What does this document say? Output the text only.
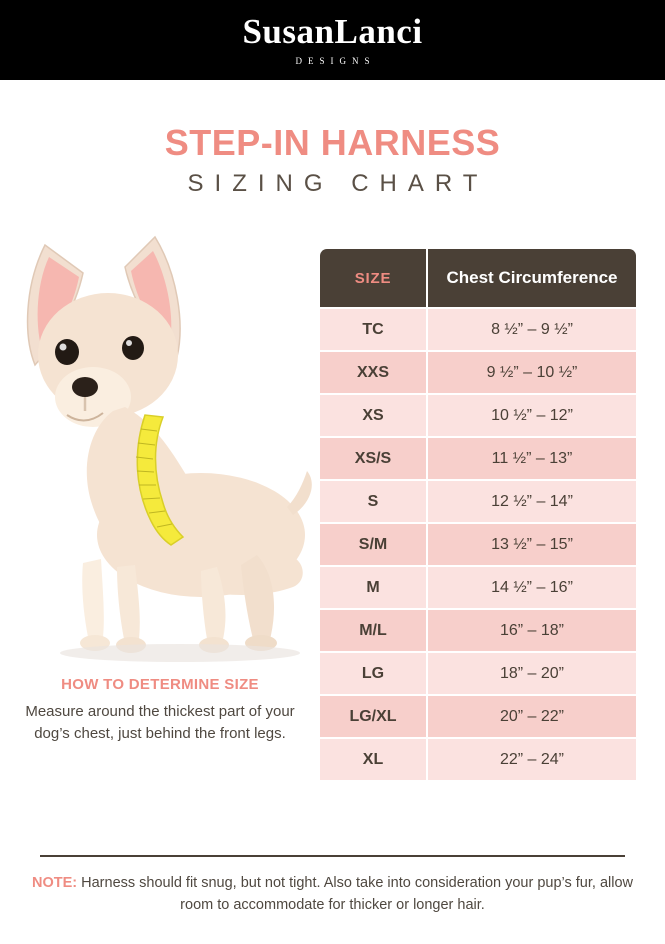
SusanLanci
DESIGNS
STEP-IN HARNESS
SIZING CHART
HOW TO DETERMINE SIZE
Measure around the thickest part of your dog’s chest, just behind the front legs.
SIZE	Chest Circumference
TC	8 ½” – 9 ½”
XXS	9 ½” – 10 ½”
XS	10 ½” – 12”
XS/S	11 ½” – 13”
S	12 ½” – 14”
S/M	13 ½” – 15”
M	14 ½” – 16”
M/L	16” – 18”
LG	18” – 20”
LG/XL	20” – 22”
XL	22” – 24”
NOTE: Harness should fit snug, but not tight. Also take into consideration your pup’s fur, allow room to accommodate for thicker or longer hair.
